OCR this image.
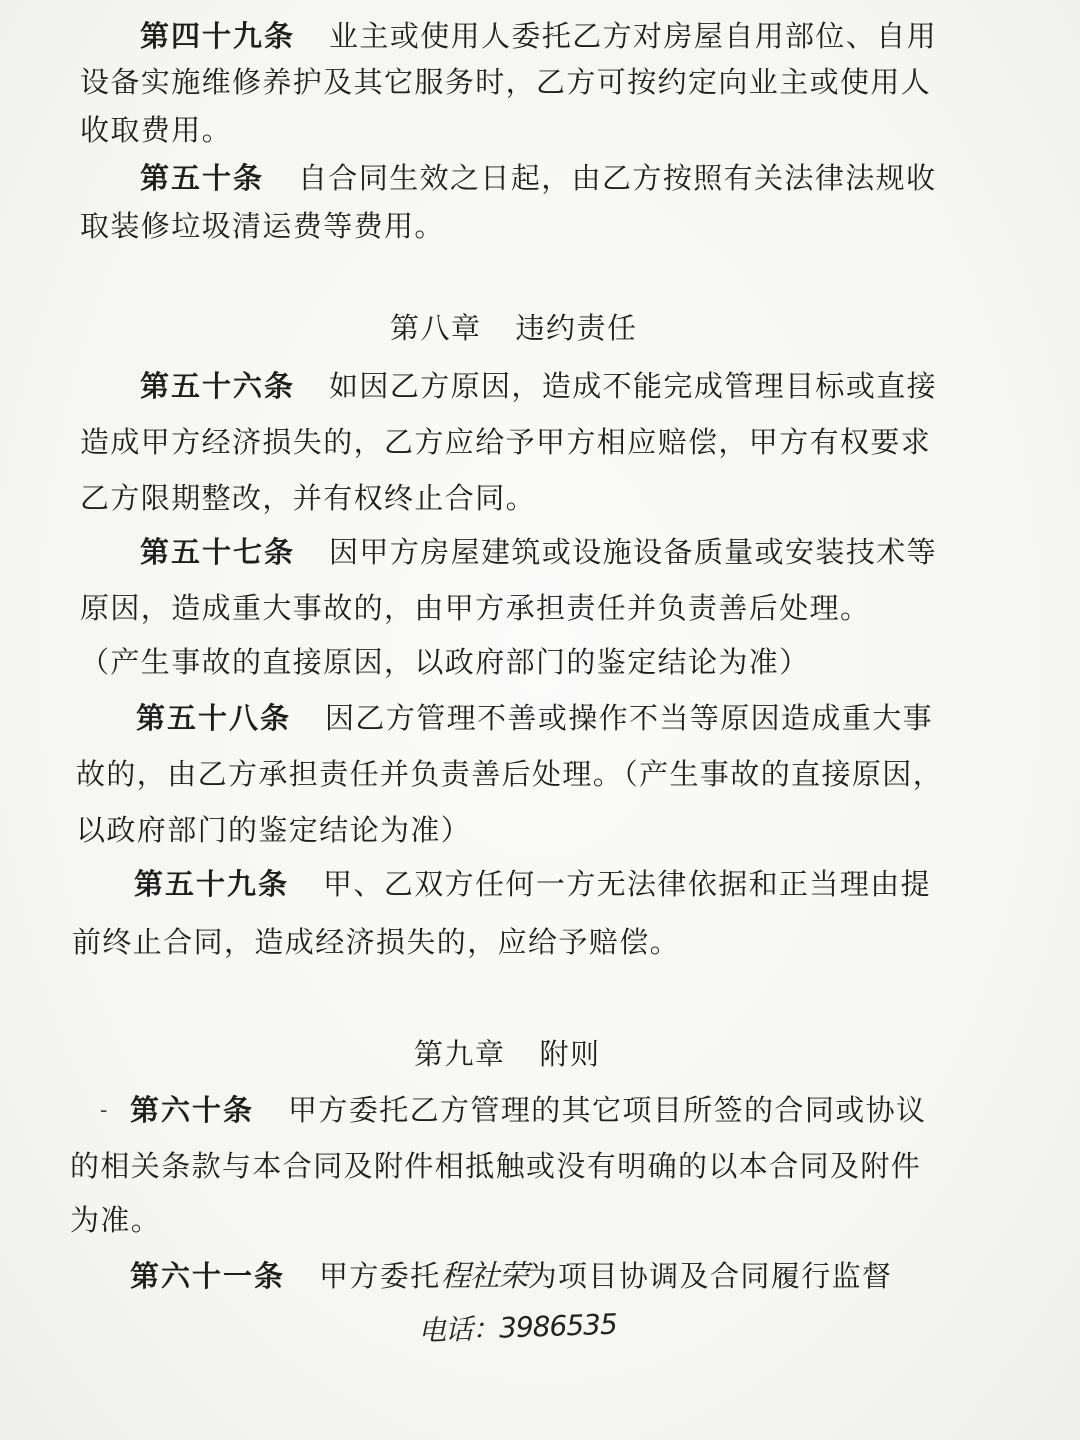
第四十九条 业主或使用人委托乙方对房屋自用部位、自用
设备实施维修养护及其它服务时，乙方可按约定向业主或使用人
收取费用。
第五十条 自合同生效之日起，由乙方按照有关法律法规收
取装修垃圾清运费等费用。
第八章 违约责任
第五十六条 如因乙方原因，造成不能完成管理目标或直接
造成甲方经济损失的，乙方应给予甲方相应赔偿，甲方有权要求
乙方限期整改，并有权终止合同。
第五十七条 因甲方房屋建筑或设施设备质量或安装技术等
原因，造成重大事故的，由甲方承担责任并负责善后处理。
（产生事故的直接原因，以政府部门的鉴定结论为准）
第五十八条 因乙方管理不善或操作不当等原因造成重大事
故的，由乙方承担责任并负责善后处理。（产生事故的直接原因，
以政府部门的鉴定结论为准）
第五十九条 甲、乙双方任何一方无法律依据和正当理由提
前终止合同，造成经济损失的，应给予赔偿。
第九章 附则
- 第六十条 甲方委托乙方管理的其它项目所签的合同或协议
的相关条款与本合同及附件相抵触或没有明确的以本合同及附件
为准。
第六十一条 甲方委托程社荣为项目协调及合同履行监督
电话：3986535
